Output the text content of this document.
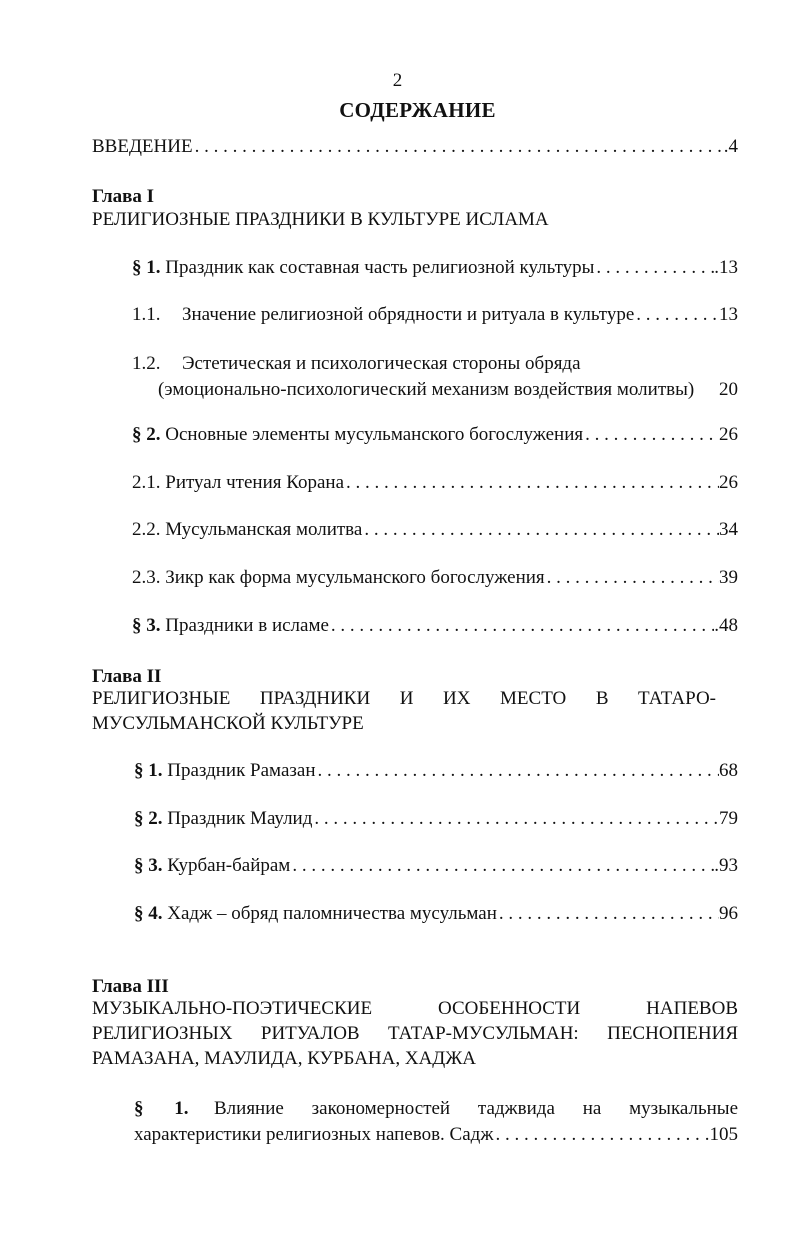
2
СОДЕРЖАНИЕ
ВВЕДЕНИЕ . . .	.4
Глава I
РЕЛИГИОЗНЫЕ ПРАЗДНИКИ В КУЛЬТУРЕ ИСЛАМА
§ 1. Праздник как составная часть религиозной культуры . . .	.13
1.1. Значение религиозной обрядности и ритуала в культуре . . .	13
1.2. Эстетическая и психологическая стороны обряда
(эмоционально-психологический механизм воздействия молитвы) 20
§ 2. Основные элементы мусульманского богослужения . . .	26
2.1. Ритуал чтения Корана . . .	26
2.2. Мусульманская молитва . . .	34
2.3. Зикр как форма мусульманского богослужения . . .	39
§ 3. Праздники в исламе . . .	.48
Глава II
РЕЛИГИОЗНЫЕ ПРАЗДНИКИ И ИХ МЕСТО В ТАТАРО-
МУСУЛЬМАНСКОЙ КУЛЬТУРЕ
§ 1. Праздник Рамазан . . .	68
§ 2. Праздник Маулид . . .	79
§ 3. Курбан-байрам . . .	.93
§ 4. Хадж – обряд паломничества мусульман . . .	96
Глава III
МУЗЫКАЛЬНО-ПОЭТИЧЕСКИЕ ОСОБЕННОСТИ НАПЕВОВ
РЕЛИГИОЗНЫХ РИТУАЛОВ ТАТАР-МУСУЛЬМАН: ПЕСНОПЕНИЯ
РАМАЗАНА, МАУЛИДА, КУРБАНА, ХАДЖА
§ 1.	Влияние закономерностей таджвида на музыкальные
характеристики религиозных напевов. Садж . . .	.105
